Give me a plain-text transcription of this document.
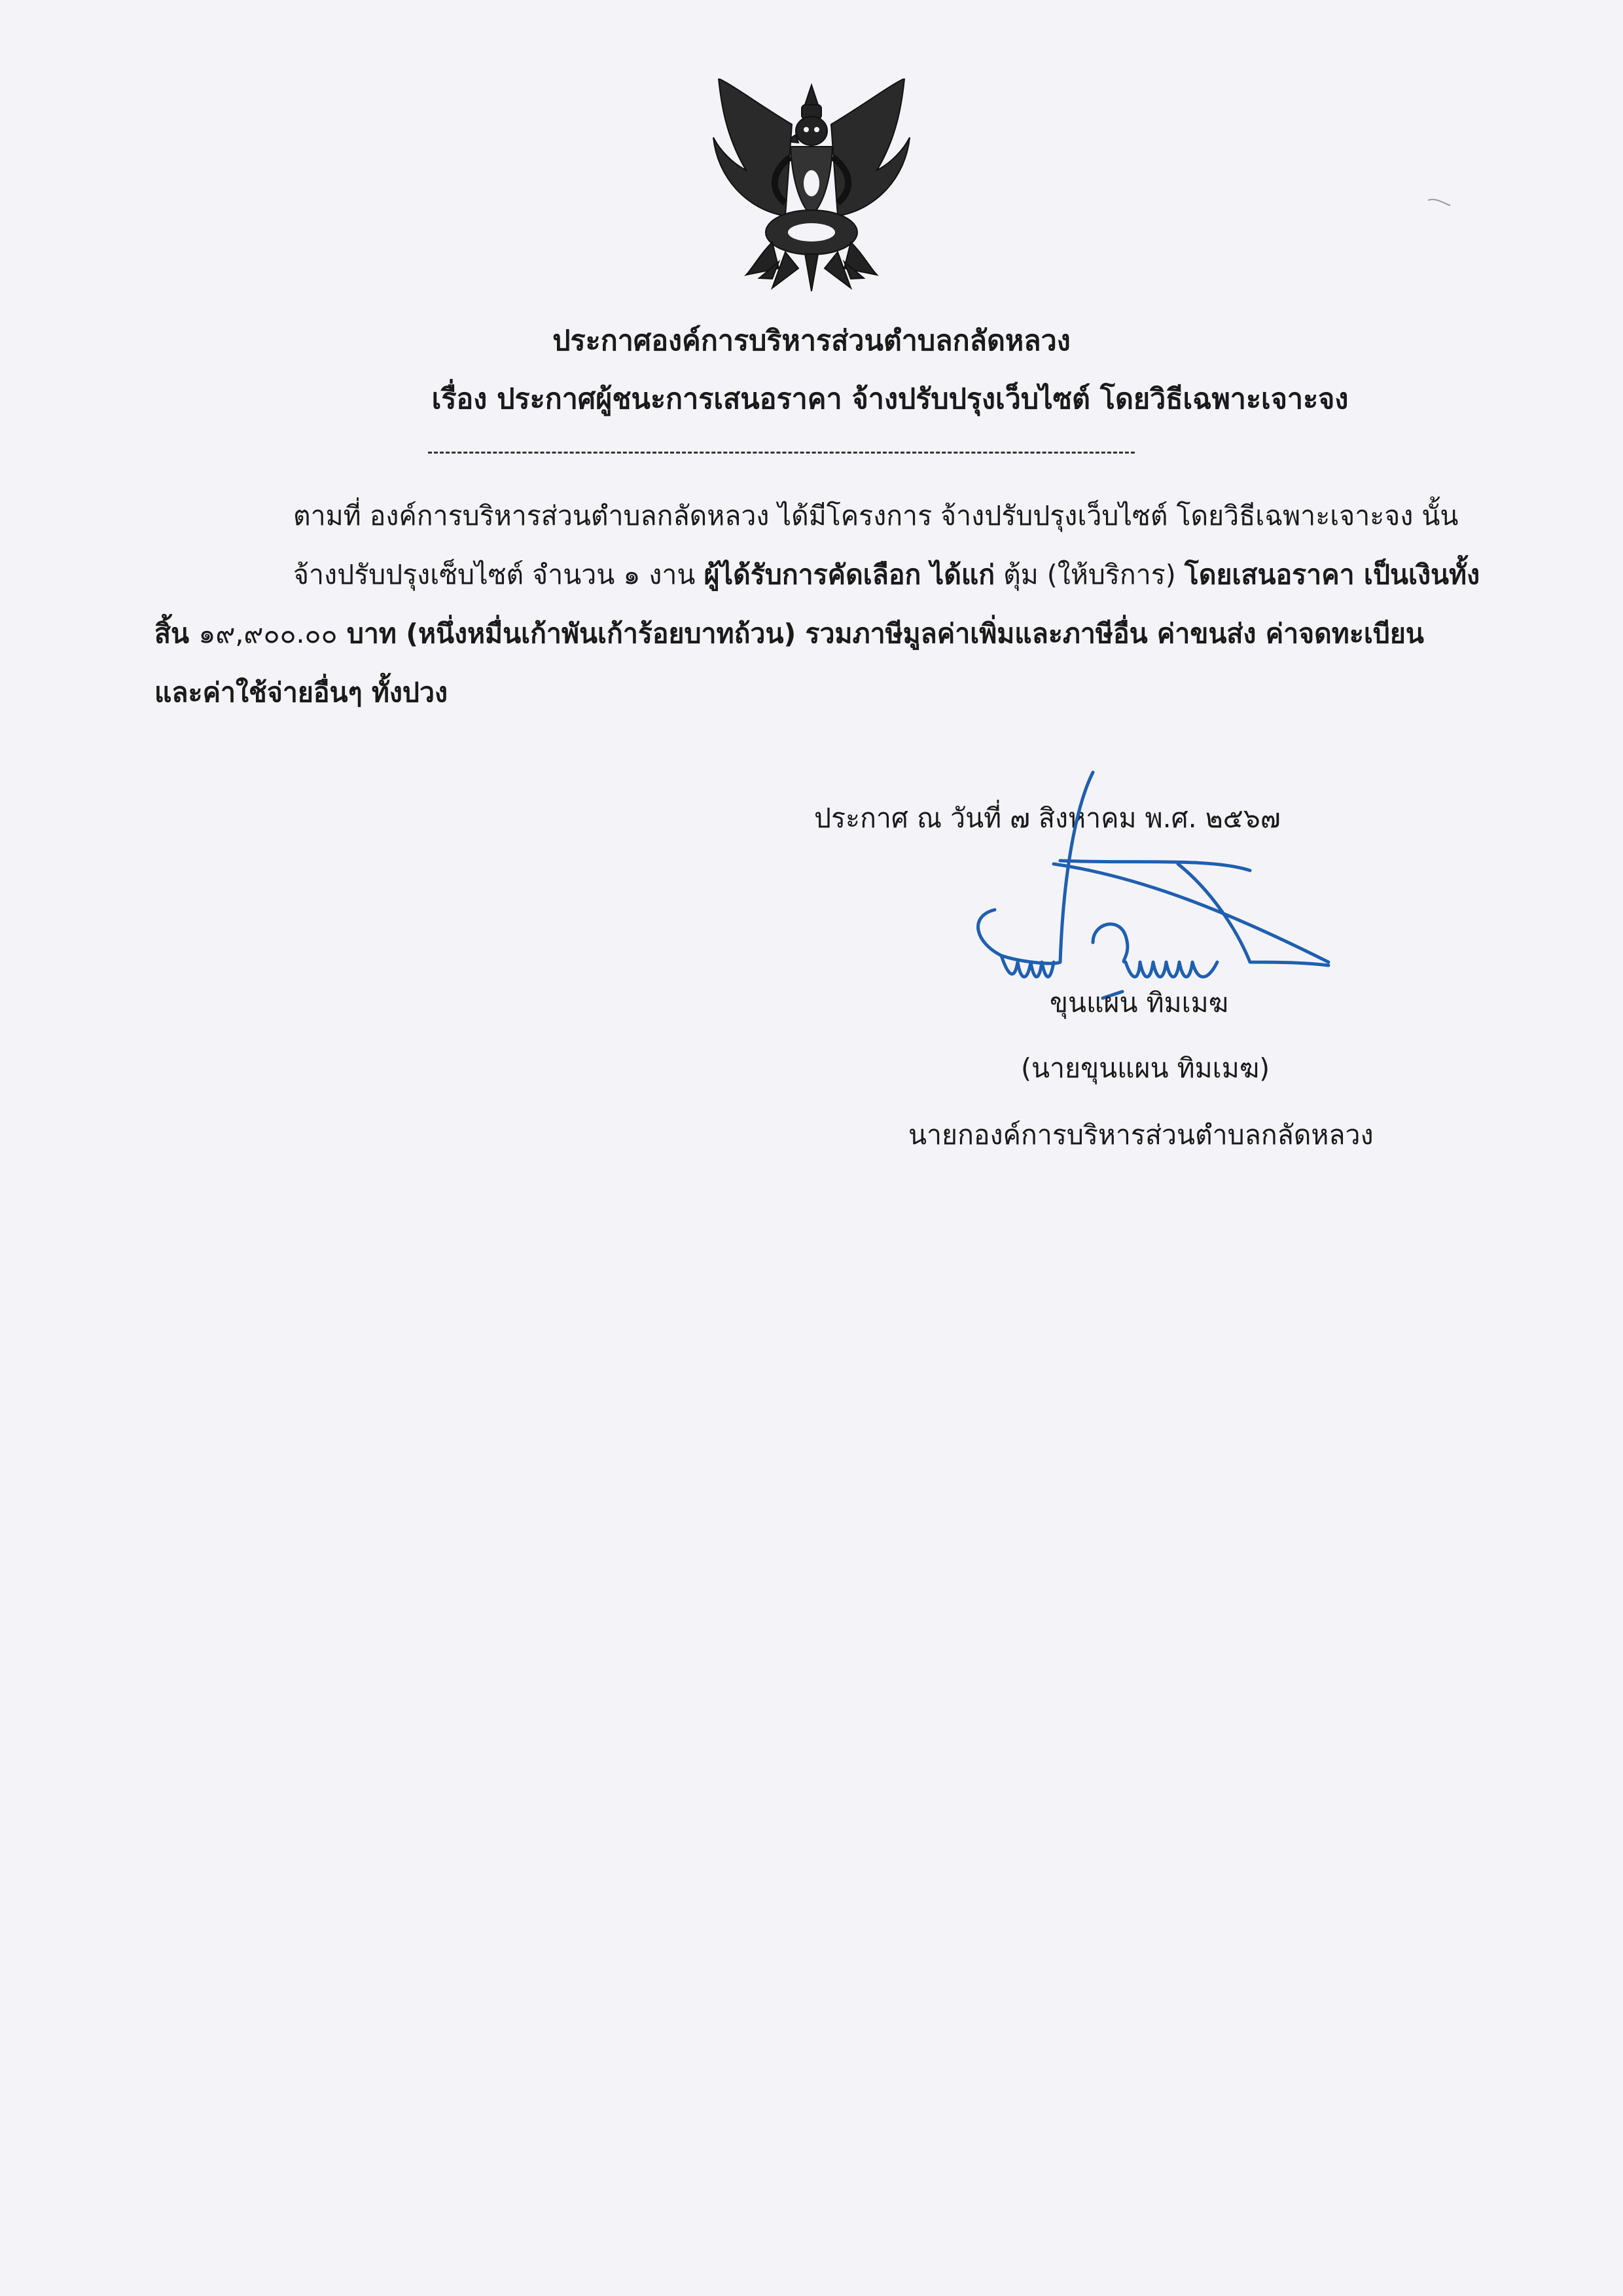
ประกาศองค์การบริหารส่วนตำบลกลัดหลวง
เรื่อง ประกาศผู้ชนะการเสนอราคา จ้างปรับปรุงเว็บไซต์ โดยวิธีเฉพาะเจาะจง
ตามที่ องค์การบริหารส่วนตำบลกลัดหลวง ได้มีโครงการ จ้างปรับปรุงเว็บไซต์ โดยวิธีเฉพาะเจาะจง นั้น
จ้างปรับปรุงเซ็บไซต์ จำนวน ๑ งาน ผู้ได้รับการคัดเลือก ได้แก่ ตุ้ม (ให้บริการ) โดยเสนอราคา เป็นเงินทั้ง
สิ้น ๑๙,๙๐๐.๐๐ บาท (หนึ่งหมื่นเก้าพันเก้าร้อยบาทถ้วน) รวมภาษีมูลค่าเพิ่มและภาษีอื่น ค่าขนส่ง ค่าจดทะเบียน
และค่าใช้จ่ายอื่นๆ ทั้งปวง
ประกาศ ณ วันที่ ๗ สิงหาคม พ.ศ. ๒๕๖๗
ขุนแผน ทิมเมฆ
(นายขุนแผน ทิมเมฆ)
นายกองค์การบริหารส่วนตำบลกลัดหลวง
